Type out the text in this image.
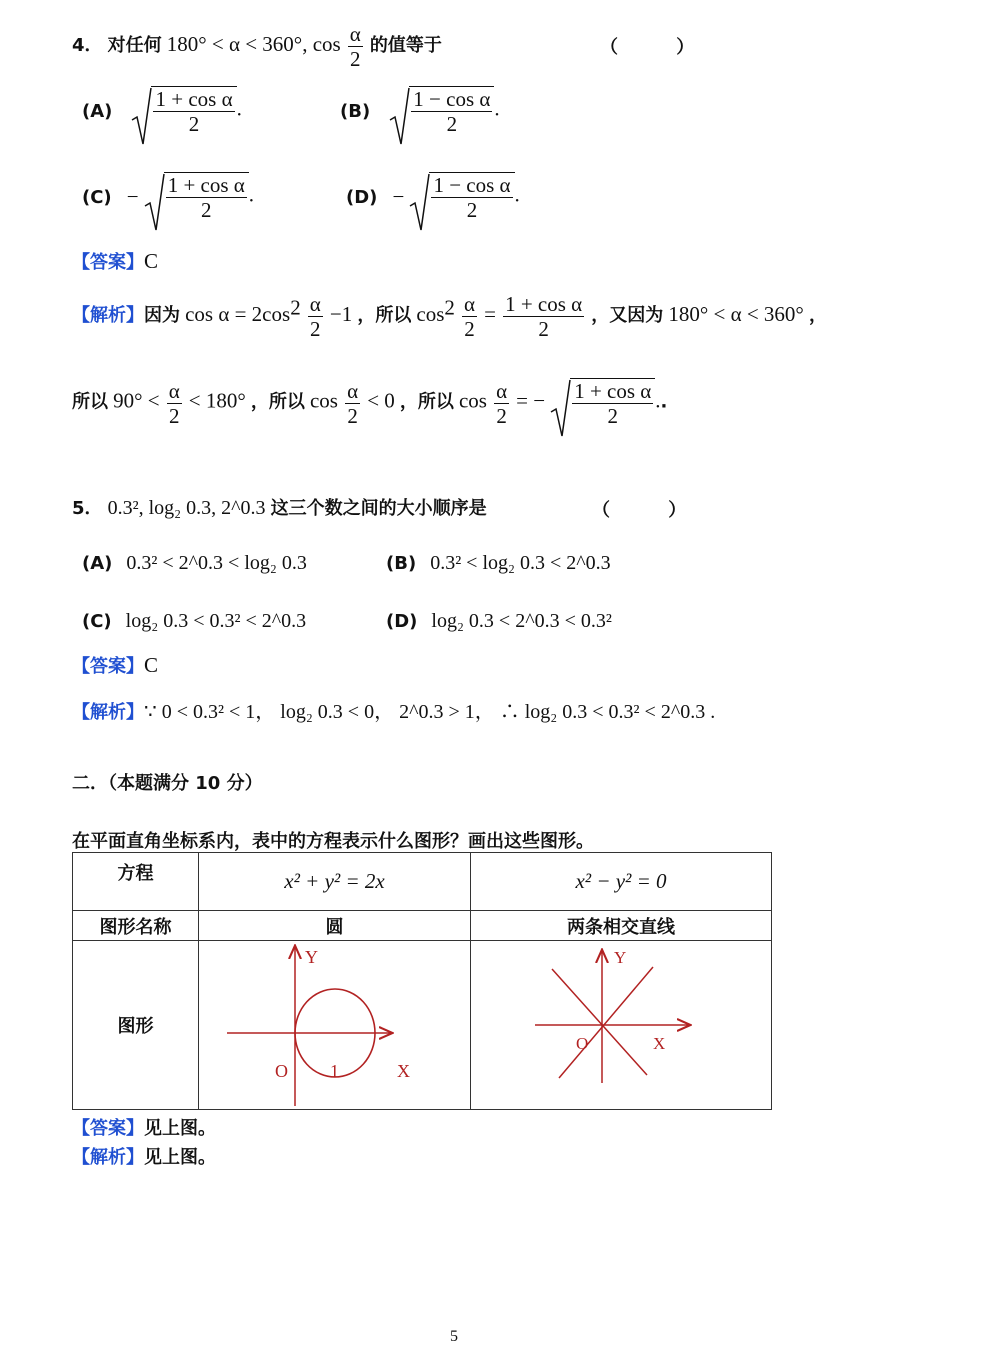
4． 对任何 180° < α < 360°, $\cos \frac{\alpha}{2}$ 的值等于	（ ）
$(A) \frac{\text{1 + cos α}}{2}$ .	$(B) \frac{\text{1 − cos α}}{2}$ .
$(C) - \frac{\text{1 + cos α}}{2}$ .	$(D) - \frac{\text{1 − cos α}}{2}$ .
【答案】C
【解析】因为 $\cos \alpha = 2\cos^2 \frac{\alpha}{2} -1$ ，所以 $\cos^2 \frac{\alpha}{2} = \frac{\text{1 + cos α}}{2}$ ，又因为 180° < α < 360° ，
所以 $90^\circ < \frac{\alpha}{2} < 180^\circ$ ，所以 $\cos \frac{\alpha}{2} < 0$ ，所以 $\cos \frac{\alpha}{2}$ = − $\frac{\text{1 + cos α}}{2}$ ..
5． 0.3², log₂ 0.3, 2^0.3 这三个数之间的大小顺序是	（ ）
(A) 0.3² < 2^0.3 < log₂ 0.3	(B) 0.3² < log₂ 0.3 < 2^0.3
(C) log₂ 0.3 < 0.3² < 2^0.3	(D) log₂ 0.3 < 2^0.3 < 0.3²
【答案】C
【解析】∵ 0 < 0.3² < 1， log₂ 0.3 < 0， 2^0.3 > 1， ∴ log₂ 0.3 < 0.3² < 2^0.3 .
二．（本题满分 10 分）
在平面直角坐标系内，表中的方程表示什么图形？画出这些图形。
方程	x² + y² = 2x	x² − y² = 0
图形名称	圆	两条相交直线
图形	Y
X
O 1	Y
X
O
【答案】见上图。
【解析】见上图。
5
